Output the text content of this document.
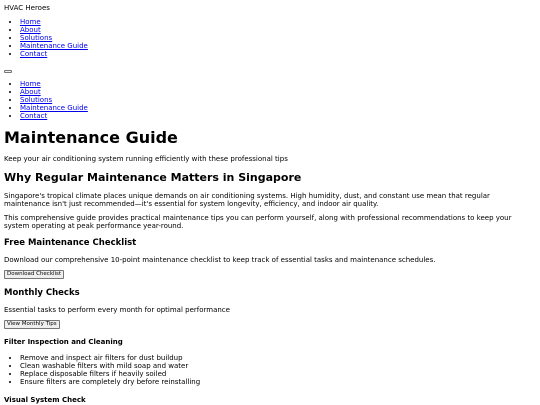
HVAC Heroes
• Home
• About
• Solutions
• Maintenance Guide
• Contact
• Home
• About
• Solutions
• Maintenance Guide
• Contact
Maintenance Guide

Keep your air conditioning system running efficiently with these professional tips

Why Regular Maintenance Matters in Singapore

Singapore's tropical climate places unique demands on air conditioning systems. High humidity, dust, and constant use mean that regular maintenance isn't just recommended—it's essential for system longevity, efficiency, and indoor air quality.

This comprehensive guide provides practical maintenance tips you can perform yourself, along with professional recommendations to keep your system operating at peak performance year-round.

Free Maintenance Checklist

Download our comprehensive 10-point maintenance checklist to keep track of essential tasks and maintenance schedules.

Download Checklist
Monthly Checks

Essential tasks to perform every month for optimal performance

View Monthly Tips
Filter Inspection and Cleaning
• Remove and inspect air filters for dust buildup
• Clean washable filters with mild soap and water
• Replace disposable filters if heavily soiled
• Ensure filters are completely dry before reinstalling
Visual System Check
